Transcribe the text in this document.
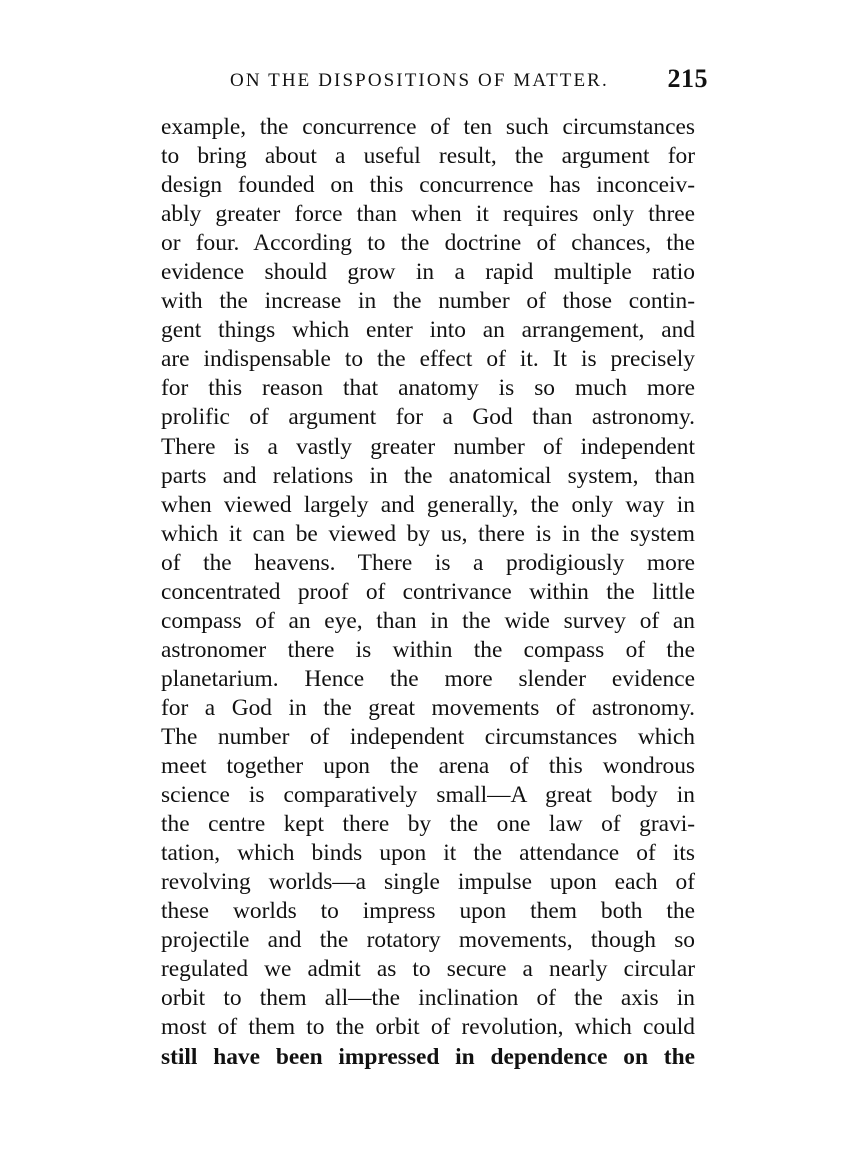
ON THE DISPOSITIONS OF MATTER. 215
example, the concurrence of ten such circumstances
to bring about a useful result, the argument for
design founded on this concurrence has inconceiv-
ably greater force than when it requires only three
or four. According to the doctrine of chances, the
evidence should grow in a rapid multiple ratio
with the increase in the number of those contin-
gent things which enter into an arrangement, and
are indispensable to the effect of it. It is precisely
for this reason that anatomy is so much more
prolific of argument for a God than astronomy.
There is a vastly greater number of independent
parts and relations in the anatomical system, than
when viewed largely and generally, the only way in
which it can be viewed by us, there is in the system
of the heavens. There is a prodigiously more
concentrated proof of contrivance within the little
compass of an eye, than in the wide survey of an
astronomer there is within the compass of the
planetarium. Hence the more slender evidence
for a God in the great movements of astronomy.
The number of independent circumstances which
meet together upon the arena of this wondrous
science is comparatively small—A great body in
the centre kept there by the one law of gravi-
tation, which binds upon it the attendance of its
revolving worlds—a single impulse upon each of
these worlds to impress upon them both the
projectile and the rotatory movements, though so
regulated we admit as to secure a nearly circular
orbit to them all—the inclination of the axis in
most of them to the orbit of revolution, which could
still have been impressed in dependence on the
